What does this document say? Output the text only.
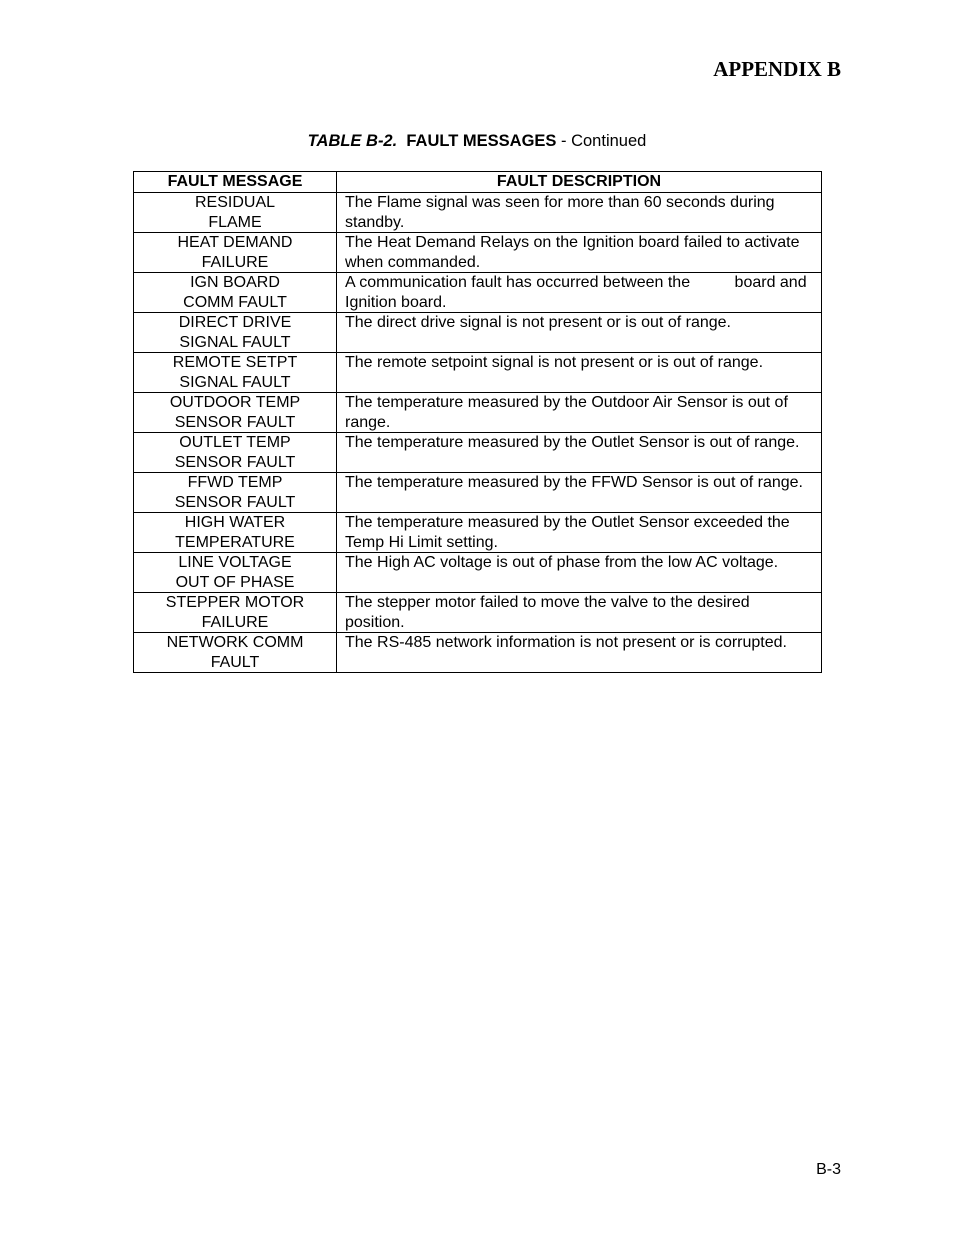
APPENDIX B
TABLE B-2. FAULT MESSAGES - Continued
FAULT MESSAGE	FAULT DESCRIPTION
RESIDUAL
FLAME	The Flame signal was seen for more than 60 seconds during standby.
HEAT DEMAND
FAILURE	The Heat Demand Relays on the Ignition board failed to activate when commanded.
IGN BOARD
COMM FAULT	A communication fault has occurred between the          board and Ignition board.
DIRECT DRIVE
SIGNAL FAULT	The direct drive signal is not present or is out of range.
REMOTE SETPT
SIGNAL FAULT	The remote setpoint signal is not present or is out of range.
OUTDOOR TEMP
SENSOR FAULT	The temperature measured by the Outdoor Air Sensor is out of range.
OUTLET TEMP
SENSOR FAULT	The temperature measured by the Outlet Sensor is out of range.
FFWD TEMP
SENSOR FAULT	The temperature measured by the FFWD Sensor is out of range.
HIGH WATER
TEMPERATURE	The temperature measured by the Outlet Sensor exceeded the Temp Hi Limit setting.
LINE VOLTAGE
OUT OF PHASE	The High AC voltage is out of phase from the low AC voltage.
STEPPER MOTOR
FAILURE	The stepper motor failed to move the valve to the desired position.
NETWORK COMM
FAULT	The RS-485 network information is not present or is corrupted.
B-3
